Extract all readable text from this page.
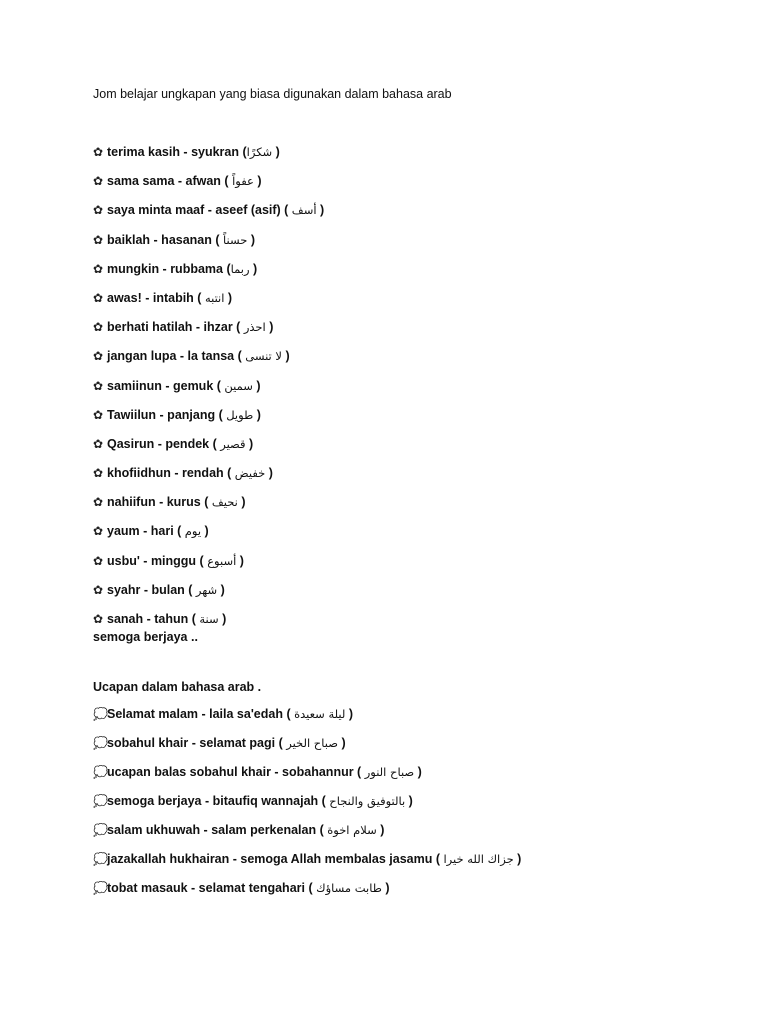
Jom belajar ungkapan yang biasa digunakan dalam bahasa arab
✿ terima kasih - syukran (شكرًا )
✿ sama sama - afwan ( عفواً )
✿ saya minta maaf - aseef (asif) ( أسف )
✿ baiklah - hasanan ( حسناً )
✿ mungkin - rubbama (ربما )
✿ awas! - intabih ( انتبه )
✿ berhati hatilah - ihzar ( احذر )
✿ jangan lupa - la tansa ( لا تنسى )
✿ samiinun - gemuk ( سمين )
✿ Tawiilun - panjang ( طويل )
✿ Qasirun - pendek ( قصير )
✿ khofiidhun - rendah ( خفيض )
✿ nahiifun - kurus ( نحيف )
✿ yaum - hari ( يوم )
✿ usbu' - minggu ( أسبوع )
✿ syahr - bulan ( شهر )
✿ sanah - tahun ( سنة )
semoga berjaya ..
Ucapan dalam bahasa arab .
💭Selamat malam - laila sa'edah ( ليلة سعيدة )
💭sobahul khair - selamat pagi ( صباح الخير )
💭ucapan balas sobahul khair - sobahannur ( صباح النور )
💭semoga berjaya - bitaufiq wannajah ( بالتوفيق والنجاح )
💭salam ukhuwah - salam perkenalan ( سلام اخوة )
💭jazakallah hukhairan - semoga Allah membalas jasamu ( جزاك الله خيرا )
💭tobat masauk - selamat tengahari ( طابت مساؤك )
